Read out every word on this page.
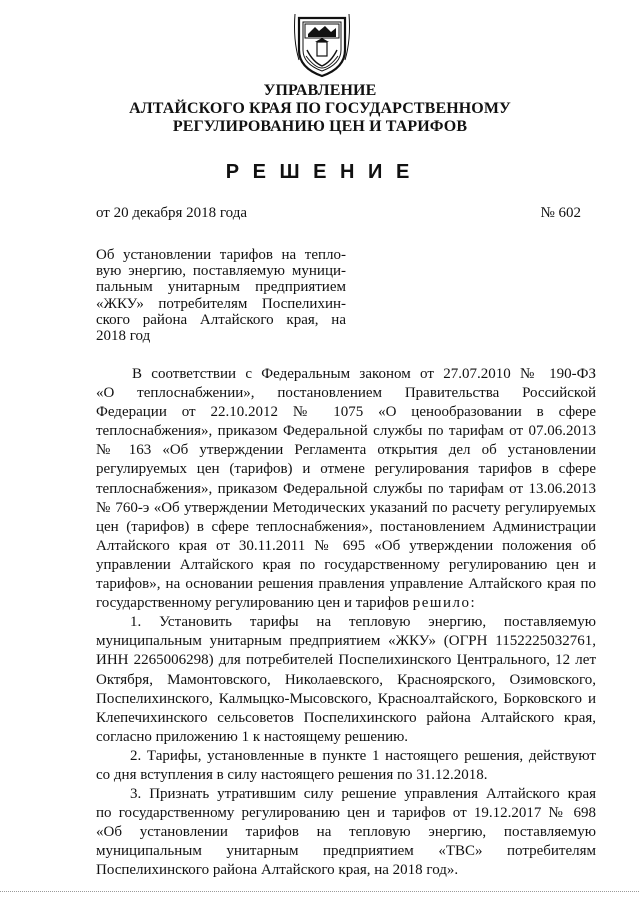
УПРАВЛЕНИЕ
АЛТАЙСКОГО КРАЯ ПО ГОСУДАРСТВЕННОМУ
РЕГУЛИРОВАНИЮ ЦЕН И ТАРИФОВ
Р Е Ш Е Н И Е
от 20 декабря 2018 года	№ 602
Об установлении тарифов на тепло-
вую энергию, поставляемую муници-
пальным унитарным предприятием
«ЖКУ» потребителям Поспелихин-
ского района Алтайского края, на
2018 год
В соответствии с Федеральным законом от 27.07.2010 № 190-ФЗ
«О теплоснабжении», постановлением Правительства Российской
Федерации от 22.10.2012 № 1075 «О ценообразовании в сфере
теплоснабжения», приказом Федеральной службы по тарифам от 07.06.2013
№ 163 «Об утверждении Регламента открытия дел об установлении
регулируемых цен (тарифов) и отмене регулирования тарифов в сфере
теплоснабжения», приказом Федеральной службы по тарифам от 13.06.2013
№ 760-э «Об утверждении Методических указаний по расчету регулируемых
цен (тарифов) в сфере теплоснабжения», постановлением Администрации
Алтайского края от 30.11.2011 № 695 «Об утверждении положения об
управлении Алтайского края по государственному регулированию цен и
тарифов», на основании решения правления управление Алтайского края по
государственному регулированию цен и тарифов решило:
1. Установить тарифы на тепловую энергию, поставляемую
муниципальным унитарным предприятием «ЖКУ» (ОГРН 1152225032761,
ИНН 2265006298) для потребителей Поспелихинского Центрального, 12 лет
Октября, Мамонтовского, Николаевского, Красноярского, Озимовского,
Поспелихинского, Калмыцко-Мысовского, Красноалтайского, Борковского и
Клепечихинского сельсоветов Поспелихинского района Алтайского края,
согласно приложению 1 к настоящему решению.
2. Тарифы, установленные в пункте 1 настоящего решения, действуют
со дня вступления в силу настоящего решения по 31.12.2018.
3. Признать утратившим силу решение управления Алтайского края
по государственному регулированию цен и тарифов от 19.12.2017 № 698
«Об установлении тарифов на тепловую энергию, поставляемую
муниципальным унитарным предприятием «ТВС» потребителям
Поспелихинского района Алтайского края, на 2018 год».
